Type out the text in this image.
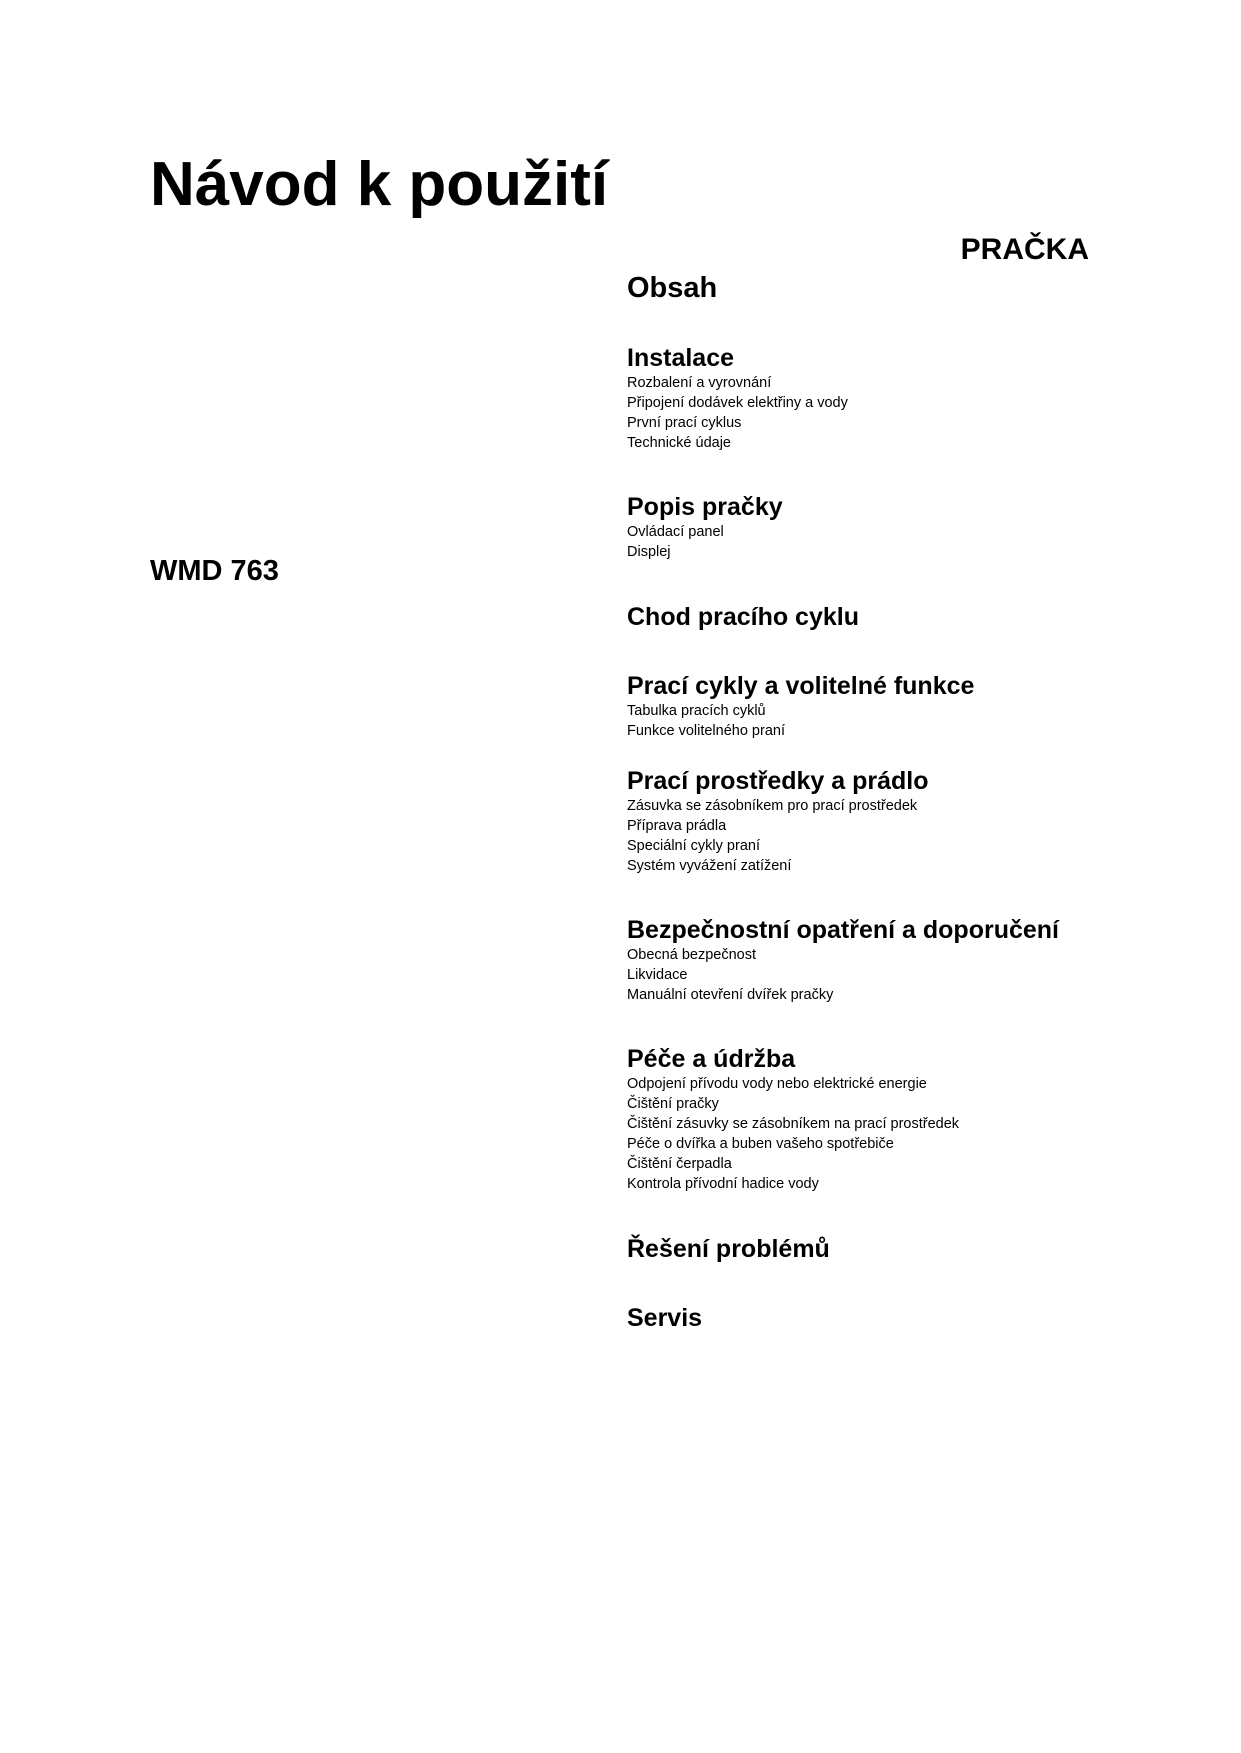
Návod k použití
PRAČKA
WMD 763
Obsah
Instalace
Rozbalení a vyrovnání
Připojení dodávek elektřiny a vody
První prací cyklus
Technické údaje
Popis pračky
Ovládací panel
Displej
Chod pracího cyklu
Prací cykly a volitelné funkce
Tabulka pracích cyklů
Funkce volitelného praní
Prací prostředky a prádlo
Zásuvka se zásobníkem pro prací prostředek
Příprava prádla
Speciální cykly praní
Systém vyvážení zatížení
Bezpečnostní opatření a doporučení
Obecná bezpečnost
Likvidace
Manuální otevření dvířek pračky
Péče a údržba
Odpojení přívodu vody nebo elektrické energie
Čištění pračky
Čištění zásuvky se zásobníkem na prací prostředek
Péče o dvířka a buben vašeho spotřebiče
Čištění čerpadla
Kontrola přívodní hadice vody
Řešení problémů
Servis
